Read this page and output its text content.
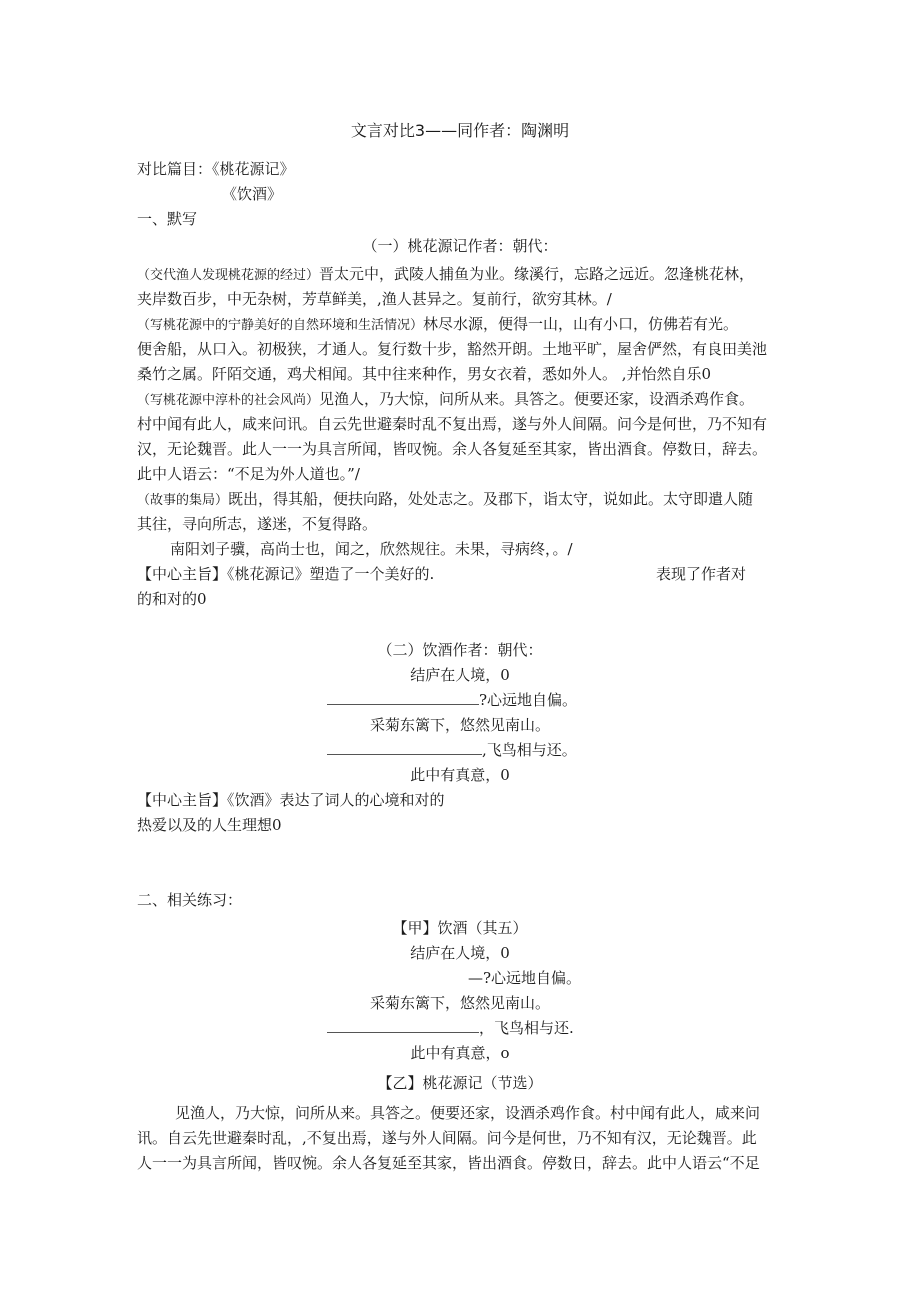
文言对比3——同作者：陶渊明
对比篇目：《桃花源记》
《饮酒》
一、默写
（一）桃花源记作者：朝代：
（交代渔人发现桃花源的经过）晋太元中，武陵人捕鱼为业。缘溪行，忘路之远近。忽逢桃花林，
夹岸数百步，中无杂树，芳草鲜美，,渔人甚异之。复前行，欲穷其林。/
（写桃花源中的宁静美好的自然环境和生活情况）林尽水源，便得一山，山有小口，仿佛若有光。
便舍船，从口入。初极狭，才通人。复行数十步，豁然开朗。土地平旷，屋舍俨然，有良田美池
桑竹之属。阡陌交通，鸡犬相闻。其中往来种作，男女衣着，悉如外人。 ,并怡然自乐0
（写桃花源中淳朴的社会风尚）见渔人，乃大惊，问所从来。具答之。便要还家，设酒杀鸡作食。
村中闻有此人，咸来问讯。自云先世避秦时乱不复出焉，遂与外人间隔。问今是何世，乃不知有
汉，无论魏晋。此人一一为具言所闻，皆叹惋。余人各复延至其家，皆出酒食。停数日，辞去。
此中人语云：“不足为外人道也。”/
（故事的集局）既出，得其船，便扶向路，处处志之。及郡下，诣太守，说如此。太守即遣人随
其往，寻向所志，遂迷，不复得路。
南阳刘子骥，高尚士也，闻之，欣然规往。未果，寻病终，。/
【中心主旨】《桃花源记》塑造了一个美好的.	表现了作者对
的和对的0
（二）饮酒作者：朝代：
结庐在人境，0
?心远地自偏。
采菊东篱下，悠然见南山。
,飞鸟相与还。
此中有真意，0
【中心主旨】《饮酒》表达了词人的心境和对的
热爱以及的人生理想0
二、相关练习：
【甲】饮酒（其五）
结庐在人境，0
—?心远地自偏。
采菊东篱下，悠然见南山。
，飞鸟相与还.
此中有真意，o
【乙】桃花源记（节选）
见渔人，乃大惊，问所从来。具答之。便要还家，设酒杀鸡作食。村中闻有此人，咸来问
讯。自云先世避秦时乱，,不复出焉，遂与外人间隔。问今是何世，乃不知有汉，无论魏晋。此
人一一为具言所闻，皆叹惋。余人各复延至其家，皆出酒食。停数日，辞去。此中人语云“不足
